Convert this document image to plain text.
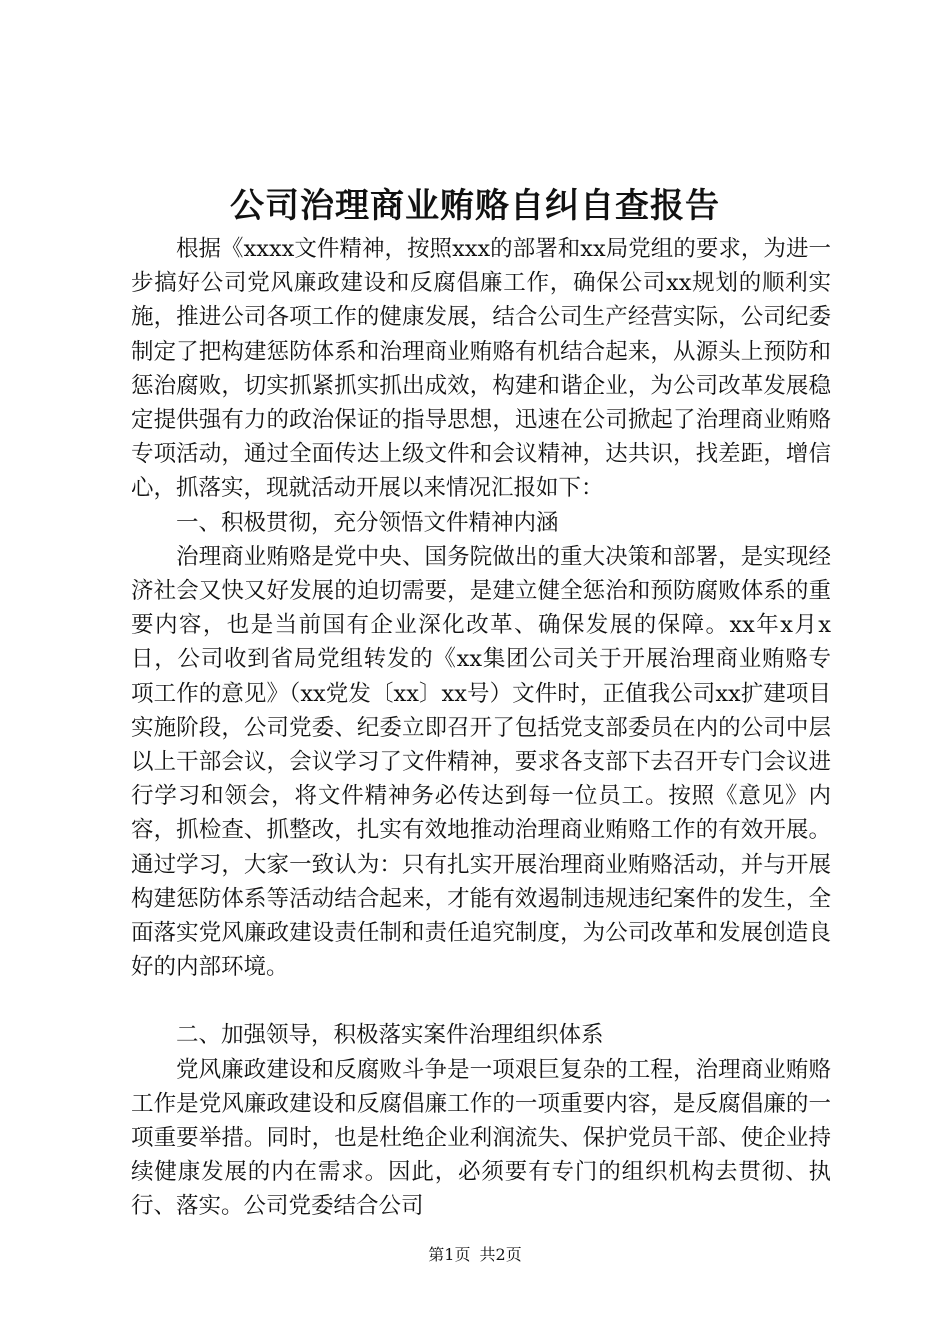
公司治理商业贿赂自纠自查报告

根据《xxxx文件精神，按照xxx的部署和xx局党组的要求，为进一步搞好公司党风廉政建设和反腐倡廉工作，确保公司xx规划的顺利实施，推进公司各项工作的健康发展，结合公司生产经营实际，公司纪委制定了把构建惩防体系和治理商业贿赂有机结合起来，从源头上预防和惩治腐败，切实抓紧抓实抓出成效，构建和谐企业，为公司改革发展稳定提供强有力的政治保证的指导思想，迅速在公司掀起了治理商业贿赂专项活动，通过全面传达上级文件和会议精神，达共识，找差距，增信心，抓落实，现就活动开展以来情况汇报如下：

一、积极贯彻，充分领悟文件精神内涵

治理商业贿赂是党中央、国务院做出的重大决策和部署，是实现经济社会又快又好发展的迫切需要，是建立健全惩治和预防腐败体系的重要内容，也是当前国有企业深化改革、确保发展的保障。xx年x月x日，公司收到省局党组转发的《xx集团公司关于开展治理商业贿赂专项工作的意见》（xx党发〔xx〕xx号）文件时，正值我公司xx扩建项目实施阶段，公司党委、纪委立即召开了包括党支部委员在内的公司中层以上干部会议，会议学习了文件精神，要求各支部下去召开专门会议进行学习和领会，将文件精神务必传达到每一位员工。按照《意见》内容，抓检查、抓整改，扎实有效地推动治理商业贿赂工作的有效开展。通过学习，大家一致认为：只有扎实开展治理商业贿赂活动，并与开展构建惩防体系等活动结合起来，才能有效遏制违规违纪案件的发生，全面落实党风廉政建设责任制和责任追究制度，为公司改革和发展创造良好的内部环境。

二、加强领导，积极落实案件治理组织体系

党风廉政建设和反腐败斗争是一项艰巨复杂的工程，治理商业贿赂工作是党风廉政建设和反腐倡廉工作的一项重要内容，是反腐倡廉的一项重要举措。同时，也是杜绝企业利润流失、保护党员干部、使企业持续健康发展的内在需求。因此，必须要有专门的组织机构去贯彻、执行、落实。公司党委结合公司

第1页 共2页
